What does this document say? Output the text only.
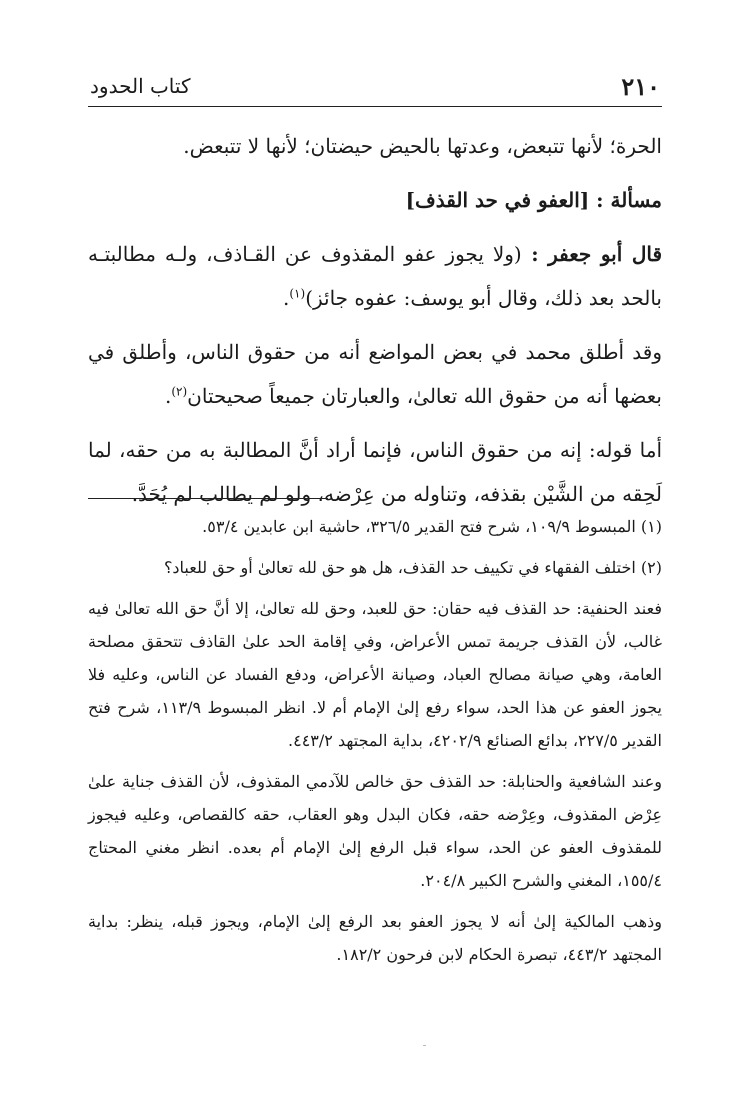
٢١٠
كتاب الحدود

الحرة؛ لأنها تتبعض، وعدتها بالحيض حيضتان؛ لأنها لا تتبعض.

مسألة : [العفو في حد القذف]

قال أبو جعفر : (ولا يجوز عفو المقذوف عن القـاذف، ولـه مطالبتـه بالحد بعد ذلك، وقال أبو يوسف: عفوه جائز)$^{(١)}$.

وقد أطلق محمد في بعض المواضع أنه من حقوق الناس، وأطلق في بعضها أنه من حقوق الله تعالىٰ، والعبارتان جميعاً صحيحتان$^{(٢)}$.

أما قوله: إنه من حقوق الناس، فإنما أراد أنَّ المطالبة به من حقه، لما لَحِقه من الشَّيْن بقذفه، وتناوله من عِرْضه، ولو لم يطالب لم يُحَدَّ.

(١) المبسوط ١٠٩/٩، شرح فتح القدير ٣٢٦/٥، حاشية ابن عابدين ٥٣/٤.

(٢) اختلف الفقهاء في تكييف حد القذف، هل هو حق لله تعالىٰ أو حق للعباد؟

فعند الحنفية: حد القذف فيه حقان: حق للعبد، وحق لله تعالىٰ، إلا أنَّ حق الله تعالىٰ فيه غالب، لأن القذف جريمة تمس الأعراض، وفي إقامة الحد علىٰ القاذف تتحقق مصلحة العامة، وهي صيانة مصالح العباد، وصيانة الأعراض، ودفع الفساد عن الناس، وعليه فلا يجوز العفو عن هذا الحد، سواء رفع إلىٰ الإمام أم لا. انظر المبسوط ١١٣/٩، شرح فتح القدير ٢٢٧/٥، بدائع الصنائع ٤٢٠٢/٩، بداية المجتهد ٤٤٣/٢.

وعند الشافعية والحنابلة: حد القذف حق خالص للآدمي المقذوف، لأن القذف جناية علىٰ عِرْض المقذوف، وعِرْضه حقه، فكان البدل وهو العقاب، حقه كالقصاص، وعليه فيجوز للمقذوف العفو عن الحد، سواء قبل الرفع إلىٰ الإمام أم بعده. انظر مغني المحتاج ١٥٥/٤، المغني والشرح الكبير ٢٠٤/٨.

وذهب المالكية إلىٰ أنه لا يجوز العفو بعد الرفع إلىٰ الإمام، ويجوز قبله، ينظر: بداية المجتهد ٤٤٣/٢، تبصرة الحكام لابن فرحون ١٨٢/٢.
